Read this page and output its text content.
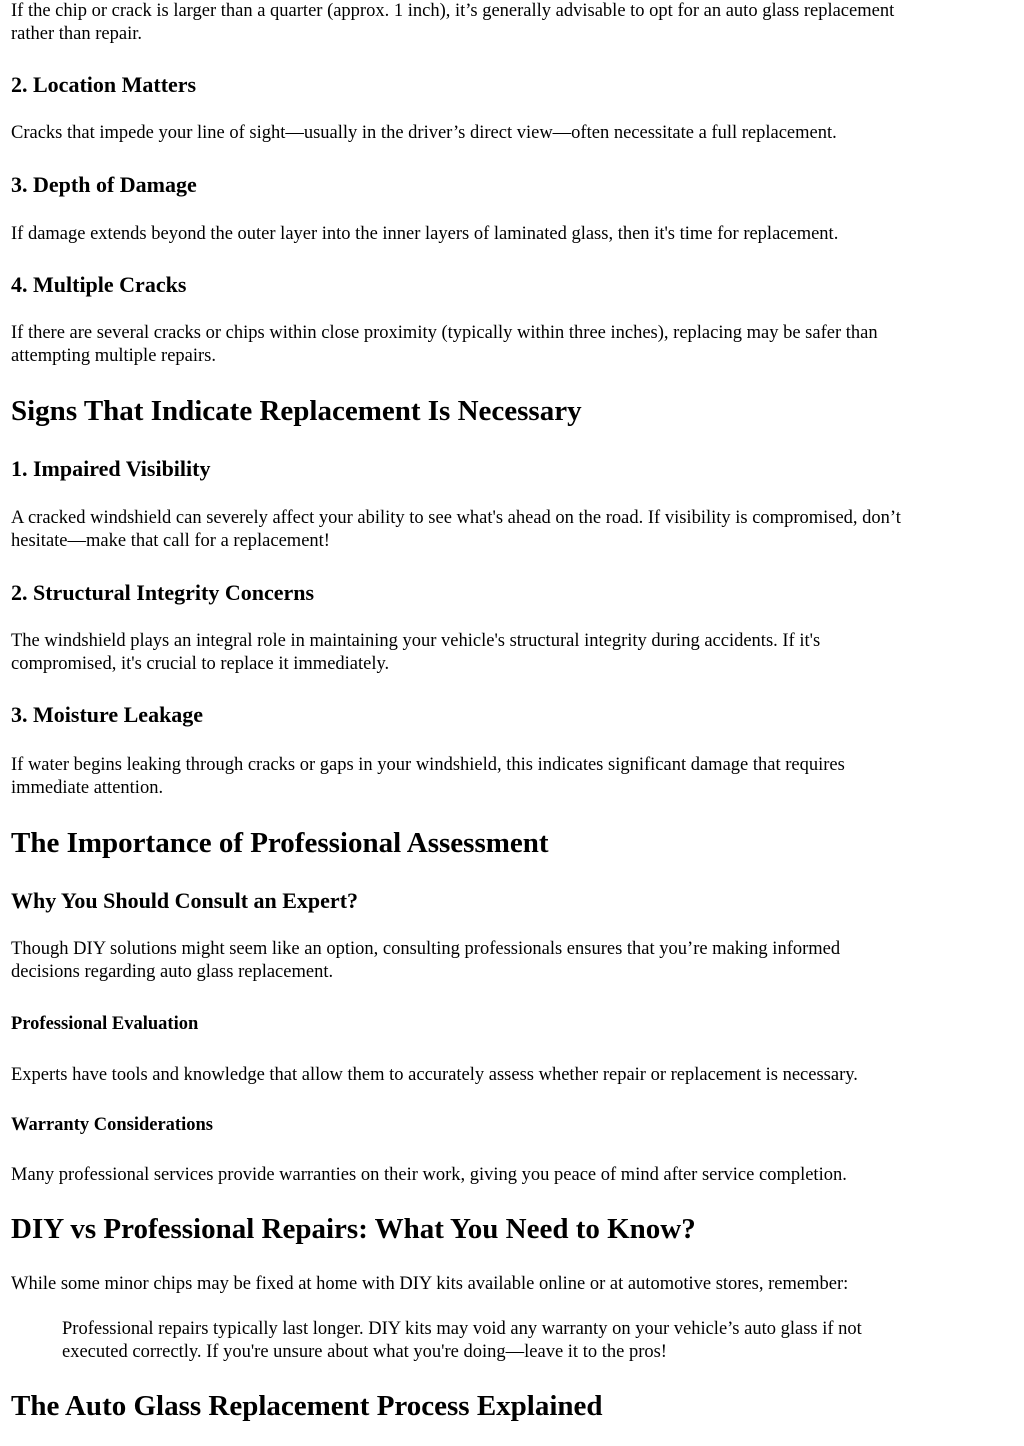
If the chip or crack is larger than a quarter (approx. 1 inch), it’s generally advisable to opt for an auto glass replacement

rather than repair.

2. Location Matters

Cracks that impede your line of sight—usually in the driver’s direct view—often necessitate a full replacement.

3. Depth of Damage

If damage extends beyond the outer layer into the inner layers of laminated glass, then it's time for replacement.

4. Multiple Cracks

If there are several cracks or chips within close proximity (typically within three inches), replacing may be safer than

attempting multiple repairs.

Signs That Indicate Replacement Is Necessary
1. Impaired Visibility

A cracked windshield can severely affect your ability to see what's ahead on the road. If visibility is compromised, don’t

hesitate—make that call for a replacement!

2. Structural Integrity Concerns

The windshield plays an integral role in maintaining your vehicle's structural integrity during accidents. If it's

compromised, it's crucial to replace it immediately.

3. Moisture Leakage

If water begins leaking through cracks or gaps in your windshield, this indicates significant damage that requires

immediate attention.

The Importance of Professional Assessment
Why You Should Consult an Expert?

Though DIY solutions might seem like an option, consulting professionals ensures that you’re making informed

decisions regarding auto glass replacement.

Professional Evaluation

Experts have tools and knowledge that allow them to accurately assess whether repair or replacement is necessary.

Warranty Considerations

Many professional services provide warranties on their work, giving you peace of mind after service completion.

DIY vs Professional Repairs: What You Need to Know?

While some minor chips may be fixed at home with DIY kits available online or at automotive stores, remember:

Professional repairs typically last longer. DIY kits may void any warranty on your vehicle’s auto glass if not

executed correctly. If you're unsure about what you're doing—leave it to the pros!

The Auto Glass Replacement Process Explained
